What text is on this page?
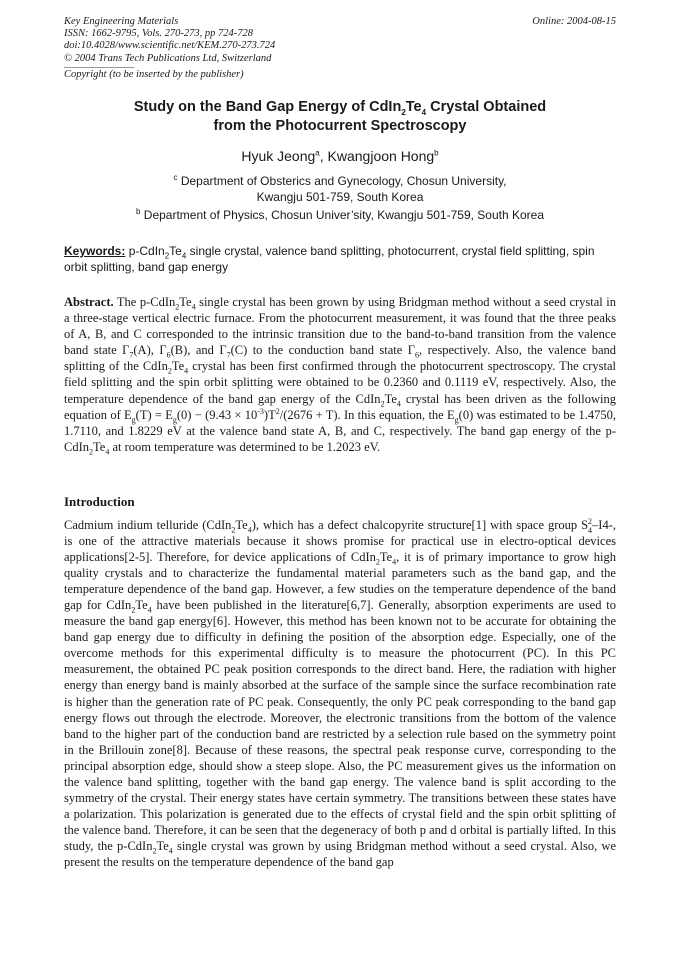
Online: 2004-08-15
Key Engineering Materials
ISSN: 1662-9795, Vols. 270-273, pp 724-728
doi:10.4028/www.scientific.net/KEM.270-273.724
© 2004 Trans Tech Publications Ltd, Switzerland
Copyright (to be inserted by the publisher)
Study on the Band Gap Energy of $CdIn_2Te_4$ Crystal Obtained
from the Photocurrent Spectroscopy
Hyuk Jeong$^a$, Kwangjoon Hong$^b$
$^c$ Department of Obsterics and Gynecology, Chosun University,
Kwangju 501-759, South Korea
$^b$ Department of Physics, Chosun Univer’sity, Kwangju 501-759, South Korea
Keywords: $p-CdIn_2Te_4$ single crystal, valence band splitting, photocurrent, crystal field splitting, spin orbit splitting, band gap energy
Abstract. The $p-CdIn_2Te_4$ single crystal has been grown by using Bridgman method without a seed crystal in a three-stage vertical electric furnace. From the photocurrent measurement, it was found that the three peaks of A, B, and C corresponded to the intrinsic transition due to the band-to-band transition from the valence band state $\Gamma_7(A)$, $\Gamma_6(B)$, and $\Gamma_7(C)$ to the conduction band state $\Gamma_6$, respectively. Also, the valence band splitting of the $CdIn_2Te_4$ crystal has been first confirmed through the photocurrent spectroscopy. The crystal field splitting and the spin orbit splitting were obtained to be 0.2360 and 0.1119 eV, respectively. Also, the temperature dependence of the band gap energy of the $CdIn_2Te_4$ crystal has been driven as the following equation of $E_g(T) = E_g(0) - (9.43 \times 10^{-3})T^2/(2676 + T)$. In this equation, the $E_g(0)$ was estimated to be 1.4750, 1.7110, and 1.8229 eV at the valence band state A, B, and C, respectively. The band gap energy of the $p-CdIn_2Te_4$ at room temperature was determined to be 1.2023 eV.
Introduction
Cadmium indium telluride $(CdIn_2Te_4)$, which has a defect chalcopyrite structure[1] with space group $S^2_4-I4-$, is one of the attractive materials because it shows promise for practical use in electro-optical devices applications[2-5]. Therefore, for device applications of $CdIn_2Te_4$, it is of primary importance to grow high quality crystals and to characterize the fundamental material parameters such as the band gap, and the temperature dependence of the band gap. However, a few studies on the temperature dependence of the band gap for $CdIn_2Te_4$ have been published in the literature[6,7]. Generally, absorption experiments are used to measure the band gap energy[6]. However, this method has been known not to be accurate for obtaining the band gap energy due to difficulty in defining the position of the absorption edge. Especially, one of the overcome methods for this experimental difficulty is to measure the photocurrent (PC). In this PC measurement, the obtained PC peak position corresponds to the direct band. Here, the radiation with higher energy than energy band is mainly absorbed at the surface of the sample since the surface recombination rate is higher than the generation rate of PC peak. Consequently, the only PC peak corresponding to the band gap energy flows out through the electrode. Moreover, the electronic transitions from the bottom of the valence band to the higher part of the conduction band are restricted by a selection rule based on the symmetry point in the Brillouin zone[8]. Because of these reasons, the spectral peak response curve, corresponding to the principal absorption edge, should show a steep slope. Also, the PC measurement gives us the information on the valence band splitting, together with the band gap energy. The valence band is split according to the symmetry of the crystal. Their energy states have certain symmetry. The transitions between these states have a polarization. This polarization is generated due to the effects of crystal field and the spin orbit splitting of the valence band. Therefore, it can be seen that the degeneracy of both p and d orbital is partially lifted. In this study, the $p-CdIn_2Te_4$ single crystal was grown by using Bridgman method without a seed crystal. Also, we present the results on the temperature dependence of the band gap
